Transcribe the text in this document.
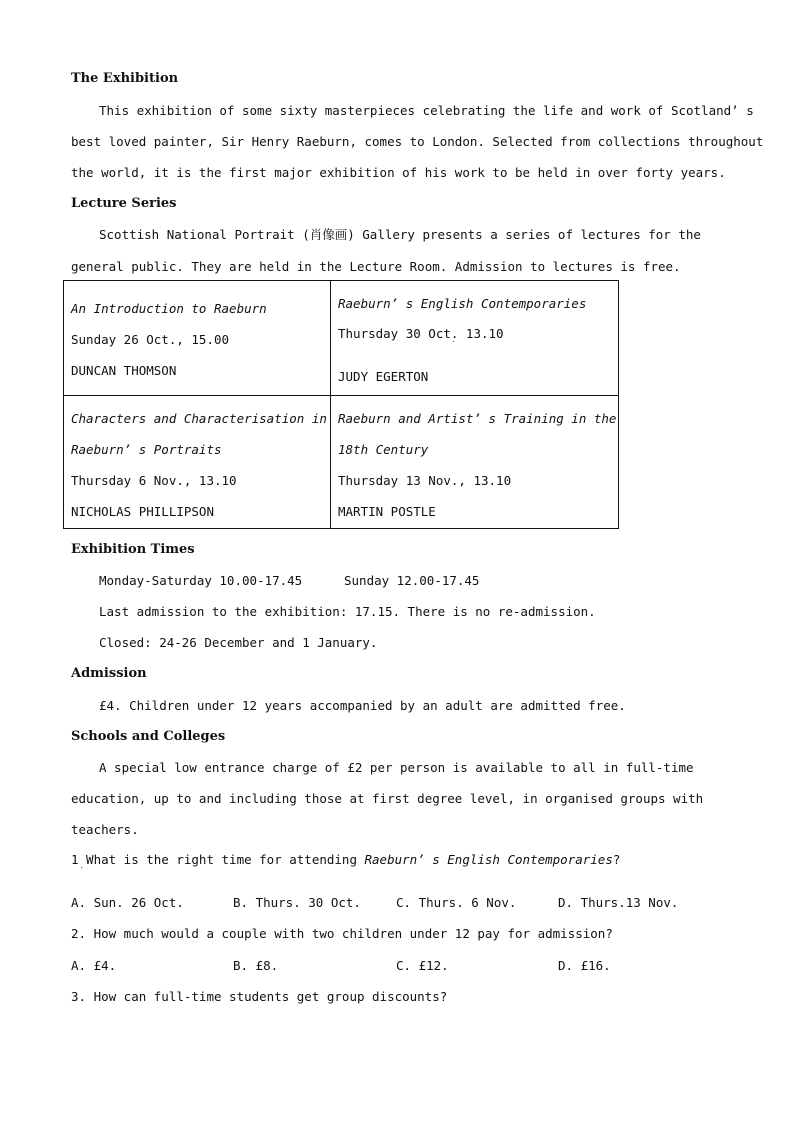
The Exhibition
This exhibition of some sixty masterpieces celebrating the life and work of Scotland’ s
best loved painter, Sir Henry Raeburn, comes to London. Selected from collections throughout
the world, it is the first major exhibition of his work to be held in over forty years.
Lecture Series
Scottish National Portrait (肖像画) Gallery presents a series of lectures for the
general public. They are held in the Lecture Room. Admission to lectures is free.
An Introduction to Raeburn
Sunday 26 Oct., 15.00
DUNCAN THOMSON
Raeburn’ s English Contemporaries
Thursday 30 Oct. 13.10
˙
JUDY EGERTON
Characters and Characterisation in
Raeburn’ s Portraits
Thursday 6 Nov., 13.10
NICHOLAS PHILLIPSON
Raeburn and Artist’ s Training in the
18th Century
Thursday 13 Nov., 13.10
MARTIN POSTLE
Exhibition Times
Monday-Saturday 10.00-17.45	Sunday 12.00-17.45
Last admission to the exhibition: 17.15. There is no re-admission.
Closed: 24-26 December and 1 January.
Admission
£4. Children under 12 years accompanied by an adult are admitted free.
Schools and Colleges
A special low entrance charge of £2 per person is available to all in full-time
education, up to and including those at first degree level, in organised groups with
teachers.
1 What is the right time for attending Raeburn’ s English Contemporaries?
˙
A. Sun. 26 Oct.	B. Thurs. 30 Oct.	C. Thurs. 6 Nov.	D. Thurs.13 Nov.
2. How much would a couple with two children under 12 pay for admission?
A. £4.	B. £8.	C. £12.	D. £16.
3. How can full-time students get group discounts?
